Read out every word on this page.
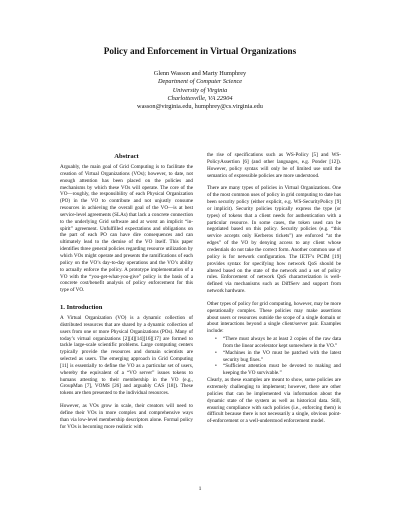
Policy and Enforcement in Virtual Organizations
Glenn Wasson and Marty Humphrey
Department of Computer Science
University of Virginia
Charlottesville, VA 22904
wasson@virginia.edu, humphrey@cs.virginia.edu
Abstract
Arguably, the main goal of Grid Computing is to facilitate the creation of Virtual Organizations (VOs); however, to date, not enough attention has been placed on the policies and mechanisms by which these VOs will operate. The core of the VO—roughly, the responsibility of each Physical Organization (PO) in the VO to contribute and not unjustly consume resources in achieving the overall goal of the VO—is at best service-level agreements (SLAs) that lack a concrete connection to the underlying Grid software and at worst an implicit “in-spirit” agreement. Unfulfilled expectations and obligations on the part of each PO can have dire consequences and can ultimately lead to the demise of the VO itself. This paper identifies three general policies regarding resource utilization by which VOs might operate and presents the ramifications of each policy on the VO’s day-to-day operations and the VO’s ability to actually enforce the policy. A prototype implementation of a VO with the “you-get-what-you-give” policy is the basis of a concrete cost/benefit analysis of policy enforcement for this type of VO.
1. Introduction
A Virtual Organization (VO) is a dynamic collection of distributed resources that are shared by a dynamic collection of users from one or more Physical Organizations (POs). Many of today’s virtual organizations [2][4][14][16][17] are formed to tackle large-scale scientific problems. Large computing centers typically provide the resources and domain scientists are selected as users. The emerging approach in Grid Computing [11] is essentially to define the VO as a particular set of users, whereby the equivalent of a “VO server” issues tokens to humans attesting to their membership in the VO (e.g., GroupMan [7], VOMS [26] and arguably CAS [18]). These tokens are then presented to the individual resources.
However, as VOs grow in scale, their creators will need to define their VOs in more complex and comprehensive ways than via low-level membership descriptors alone. Formal policy for VOs is becoming more realistic with
the rise of specifications such as WS-Policy [5] and WS-PolicyAssertion [6] (and other languages, e.g. Ponder [12]). However, policy syntax will only be of limited use until the semantics of expressible policies are more understood.
There are many types of policies in Virtual Organizations. One of the most common uses of policy in grid computing to date has been security policy (either explicit, e.g. WS-SecurityPolicy [9] or implicit). Security policies typically express the type (or types) of tokens that a client needs for authentication with a particular resource. In some cases, the token used can be negotiated based on this policy. Security policies (e.g. “this service accepts only Kerberos tickets”) are enforced “at the edges” of the VO by denying access to any client whose credentials do not take the correct form. Another common use of policy is for network configuration. The IETF’s PCIM [19] provides syntax for specifying how network QoS should be altered based on the state of the network and a set of policy rules. Enforcement of network QoS characterization is well-defined via mechanisms such as DiffServ and support from network hardware.
Other types of policy for grid computing, however, may be more operationally complex. These policies may make assertions about users or resources outside the scope of a single domain or about interactions beyond a single client/server pair. Examples include:
• “There must always be at least 2 copies of the raw data from the linear accelerator kept somewhere in the VO.”
• “Machines in the VO must be patched with the latest security bug fixes.”
• “Sufficient attention must be devoted to making and keeping the VO survivable.”
Clearly, as these examples are meant to show, some policies are extremely challenging to implement; however, there are other policies that can be implemented via information about the dynamic state of the system as well as historical data. Still, ensuring compliance with such policies (i.e., enforcing them) is difficult because there is not necessarily a single, obvious point-of-enforcement or a well-understood enforcement model.
1
